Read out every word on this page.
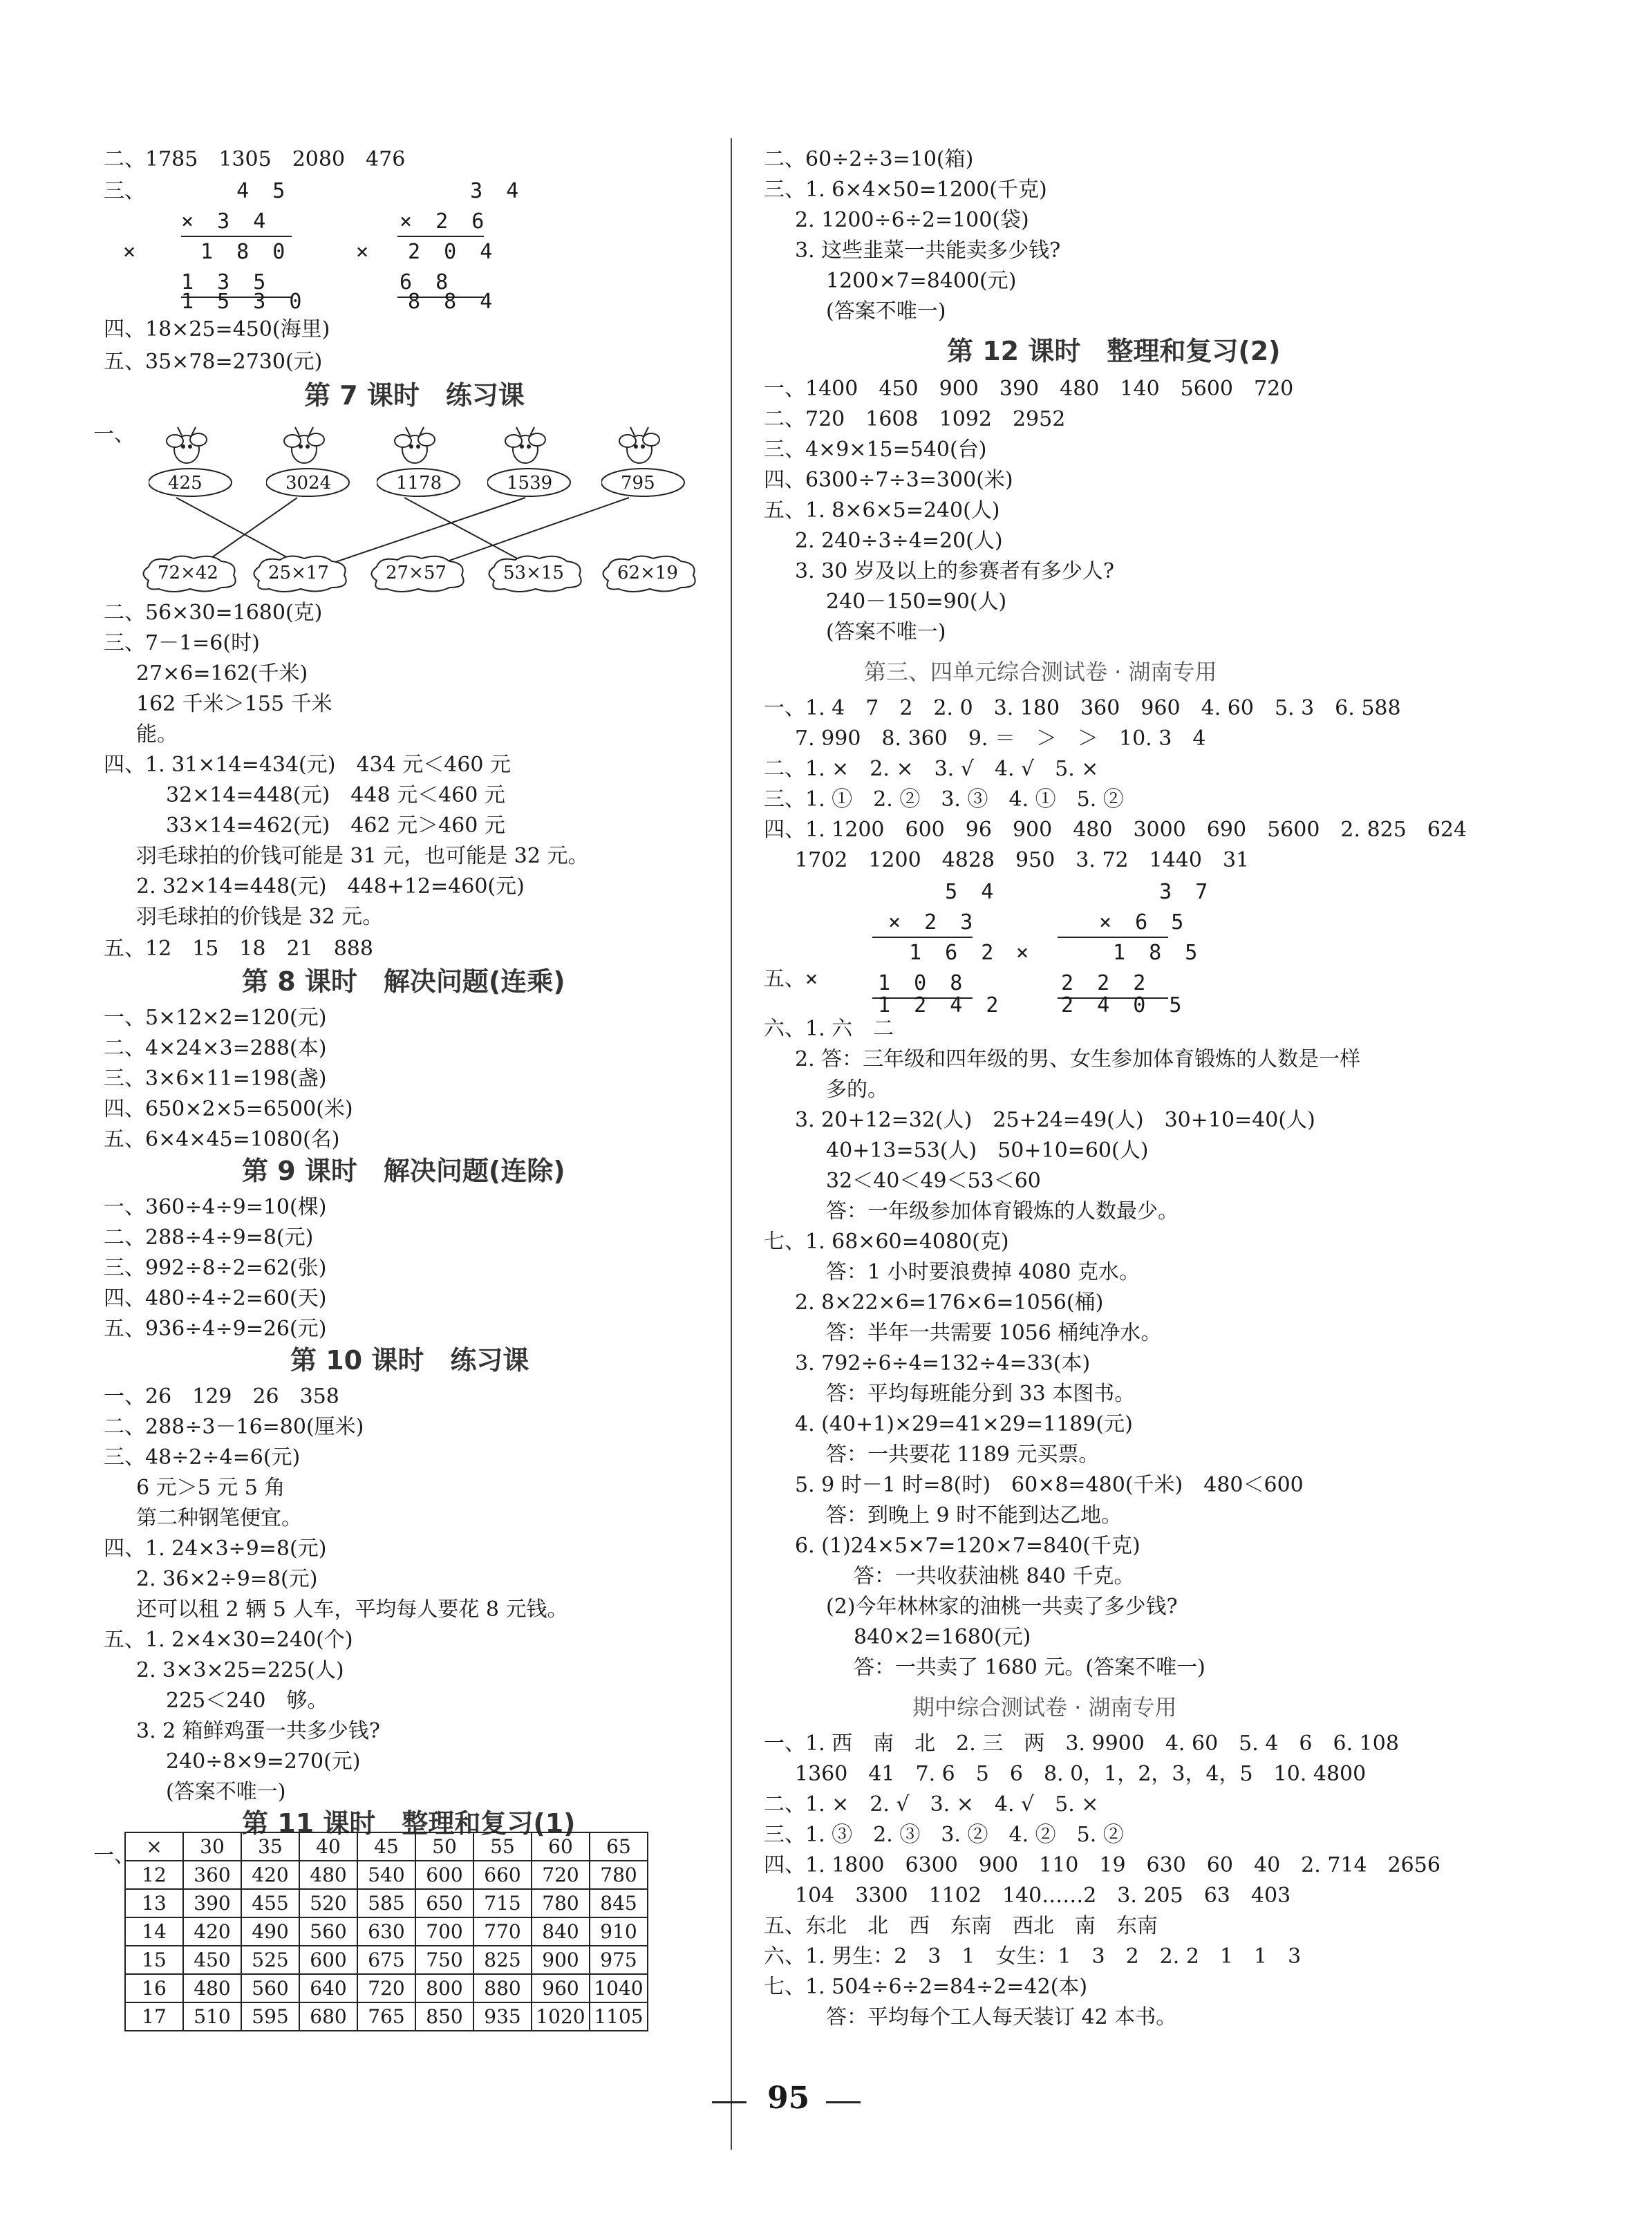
二、1785　1305　2080　476
三、
四、18×25=450(海里)
五、35×78=2730(元)
二、56×30=1680(克)
三、7－1=6(时)
27×6=162(千米)
162 千米＞155 千米
能。
四、1. 31×14=434(元)　434 元＜460 元
32×14=448(元)　448 元＜460 元
33×14=462(元)　462 元＞460 元
羽毛球拍的价钱可能是 31 元，也可能是 32 元。
2. 32×14=448(元)　448+12=460(元)
羽毛球拍的价钱是 32 元。
五、12　15　18　21　888
一、5×12×2=120(元)
二、4×24×3=288(本)
三、3×6×11=198(盏)
四、650×2×5=6500(米)
五、6×4×45=1080(名)
一、360÷4÷9=10(棵)
二、288÷4÷9=8(元)
三、992÷8÷2=62(张)
四、480÷4÷2=60(天)
五、936÷4÷9=26(元)
一、26　129　26　358
二、288÷3－16=80(厘米)
三、48÷2÷4=6(元)
6 元＞5 元 5 角
第二种钢笔便宜。
四、1. 24×3÷9=8(元)
2. 36×2÷9=8(元)
还可以租 2 辆 5 人车，平均每人要花 8 元钱。
五、1. 2×4×30=240(个)
2. 3×3×25=225(人)
225＜240　够。
3. 2 箱鲜鸡蛋一共多少钱?
240÷8×9=270(元)
(答案不唯一)
一、
第 7 课时　练习课
第 8 课时　解决问题(连乘)
第 9 课时　解决问题(连除)
第 10 课时　练习课
第 11 课时　整理和复习(1)
二、60÷2÷3=10(箱)
三、1. 6×4×50=1200(千克)
2. 1200÷6÷2=100(袋)
3. 这些韭菜一共能卖多少钱?
1200×7=8400(元)
(答案不唯一)
一、1400　450　900　390　480　140　5600　720
二、720　1608　1092　2952
三、4×9×15=540(台)
四、6300÷7÷3=300(米)
五、1. 8×6×5=240(人)
2. 240÷3÷4=20(人)
3. 30 岁及以上的参赛者有多少人?
240－150=90(人)
(答案不唯一)
一、1. 4　7　2　2. 0　3. 180　360　960　4. 60　5. 3　6. 588
7. 990　8. 360　9. ＝　＞　＞　10. 3　4
二、1. ×　2. ×　3. √　4. √　5. ×
三、1. ①　2. ②　3. ③　4. ①　5. ②
四、1. 1200　600　96　900　480　3000　690　5600　2. 825　624
1702　1200　4828　950　3. 72　1440　31
五、
六、1. 六　二
2. 答：三年级和四年级的男、女生参加体育锻炼的人数是一样
多的。
3. 20+12=32(人)　25+24=49(人)　30+10=40(人)
40+13=53(人)　50+10=60(人)
32＜40＜49＜53＜60
答：一年级参加体育锻炼的人数最少。
七、1. 68×60=4080(克)
答：1 小时要浪费掉 4080 克水。
2. 8×22×6=176×6=1056(桶)
答：半年一共需要 1056 桶纯净水。
3. 792÷6÷4=132÷4=33(本)
答：平均每班能分到 33 本图书。
4. (40+1)×29=41×29=1189(元)
答：一共要花 1189 元买票。
5. 9 时－1 时=8(时)　60×8=480(千米)　480＜600
答：到晚上 9 时不能到达乙地。
6. (1)24×5×7=120×7=840(千克)
答：一共收获油桃 840 千克。
(2)今年林林家的油桃一共卖了多少钱?
840×2=1680(元)
答：一共卖了 1680 元。(答案不唯一)
一、1. 西　南　北　2. 三　两　3. 9900　4. 60　5. 4　6　6. 108
1360　41　7. 6　5　6　8. 0，1，2，3，4，5　10. 4800
二、1. ×　2. √　3. ×　4. √　5. ×
三、1. ③　2. ③　3. ②　4. ②　5. ②
四、1. 1800　6300　900　110　19　630　60　40　2. 714　2656
104　3300　1102　140……2　3. 205　63　403
五、东北　北　西　东南　西北　南　东南
六、1. 男生：2　3　1　女生：1　3　2　2. 2　1　1　3
七、1. 504÷6÷2=84÷2=42(本)
答：平均每个工人每天装订 42 本书。
第 12 课时　整理和复习(2)
第三、四单元综合测试卷 · 湖南专用
期中综合测试卷 · 湖南专用
4 5
× 3 4
×	1 8 0
1 3 5
1 5 3 0
3 4
× 2 6
× 2 0 4
6 8
8 8 4
一、
425	3024	1178	1539	795
72×42	25×17	27×57	53×15	62×19
×	30	35	40	45	50	55	60	65
12	360	420	480	540	600	660	720	780
13	390	455	520	585	650	715	780	845
14	420	490	560	630	700	770	840	910
15	450	525	600	675	750	825	900	975
16	480	560	640	720	800	880	960	1040
17	510	595	680	765	850	935	1020	1105
5 4
× 2 3
×
1 6 2
1 0 8
1 2 4 2
3 7
× 6 5
×	1 8 5
2 2 2
2 4 0 5
95
